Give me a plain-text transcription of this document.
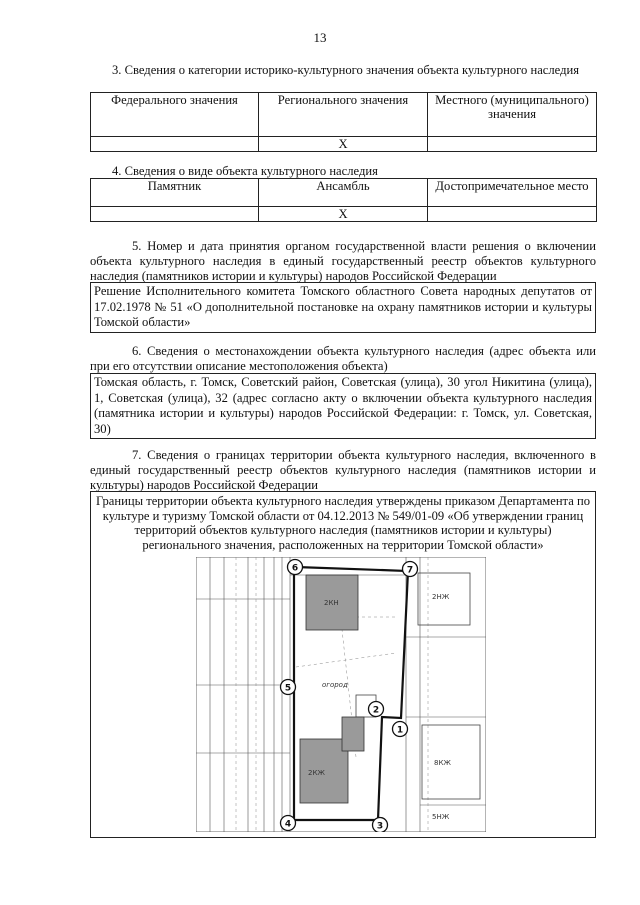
13
3. Сведения о категории историко-культурного значения объекта культурного наследия
Федерального значения	Регионального значения	Местного (муниципального) значения
	Х	
4. Сведения о виде объекта культурного наследия
Памятник	Ансамбль	Достопримечательное место
	Х	
5. Номер и дата принятия органом государственной власти решения о включении объекта культурного наследия в единый государственный реестр объектов культурного наследия (памятников истории и культуры) народов Российской Федерации
Решение Исполнительного комитета Томского областного Совета народных депутатов от 17.02.1978 № 51 «О дополнительной постановке на охрану памятников истории и культуры Томской области»
6. Сведения о местонахождении объекта культурного наследия (адрес объекта или при его отсутствии описание местоположения объекта)
Томская область, г. Томск, Советский район, Советская (улица), 30 угол Никитина (улица), 1, Советская (улица), 32 (адрес согласно акту о включении объекта культурного наследия (памятника истории и культуры) народов Российской Федерации: г. Томск, ул. Советская, 30)
7. Сведения о границах территории объекта культурного наследия, включенного в единый государственный реестр объектов культурного наследия (памятников истории и культуры) народов Российской Федерации
Границы территории объекта культурного наследия утверждены приказом Департамента по культуре и туризму Томской области от 04.12.2013 № 549/01-09 «Об утверждении границ территорий объектов культурного наследия (памятников истории и культуры) регионального значения, расположенных на территории Томской области»
2КН
огород
2КЖ
2НЖ
8КЖ
5НЖ
1
2
3
4
5
6	7
